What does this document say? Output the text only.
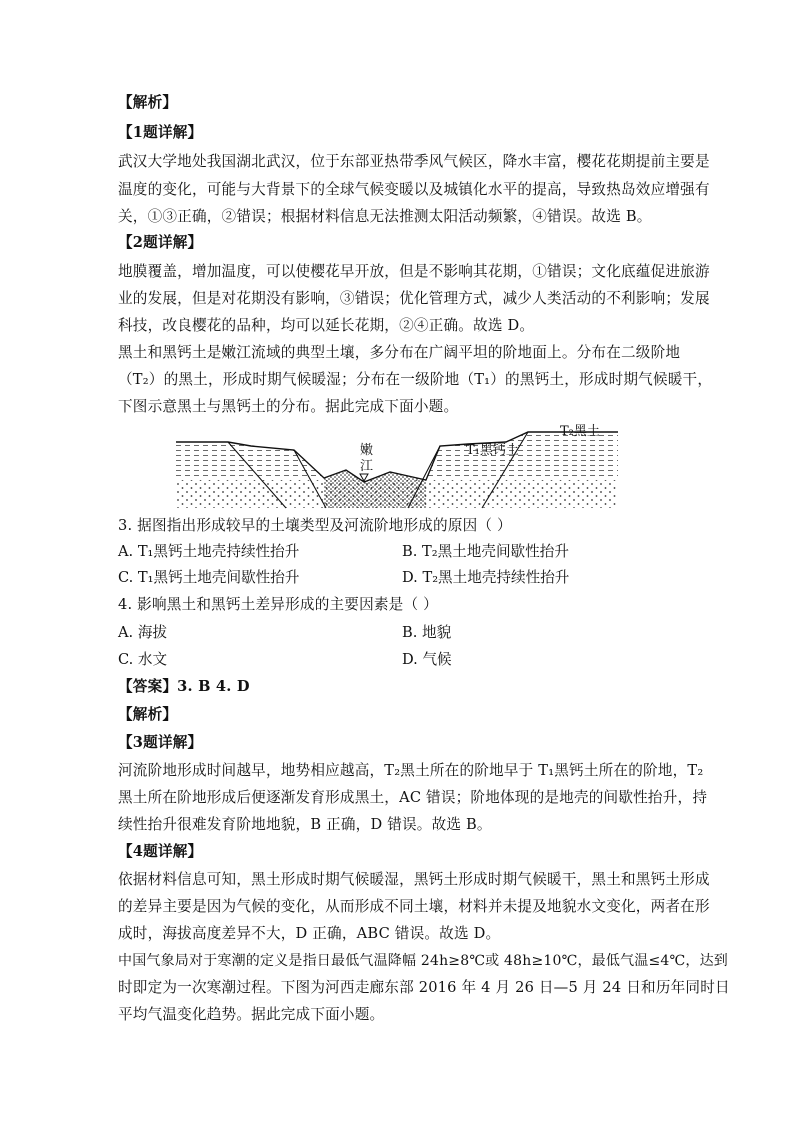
【解析】
【1题详解】
武汉大学地处我国湖北武汉，位于东部亚热带季风气候区，降水丰富，樱花花期提前主要是
温度的变化，可能与大背景下的全球气候变暖以及城镇化水平的提高，导致热岛效应增强有
关，①③正确，②错误；根据材料信息无法推测太阳活动频繁，④错误。故选 B。
【2题详解】
地膜覆盖，增加温度，可以使樱花早开放，但是不影响其花期，①错误；文化底蕴促进旅游
业的发展，但是对花期没有影响，③错误；优化管理方式，减少人类活动的不利影响；发展
科技，改良樱花的品种，均可以延长花期，②④正确。故选 D。
黑土和黑钙土是嫩江流域的典型土壤，多分布在广阔平坦的阶地面上。分布在二级阶地
（T₂）的黑土，形成时期气候暖湿；分布在一级阶地（T₁）的黑钙土，形成时期气候暖干，
下图示意黑土与黑钙土的分布。据此完成下面小题。
嫩
江
T₁黑钙土
T₂黑土
3. 据图指出形成较早的土壤类型及河流阶地形成的原因（ ）
A. T₁黑钙土地壳持续性抬升	B. T₂黑土地壳间歇性抬升
C. T₁黑钙土地壳间歇性抬升	D. T₂黑土地壳持续性抬升
4. 影响黑土和黑钙土差异形成的主要因素是（ ）
A. 海拔	B. 地貌
C. 水文	D. 气候
【答案】3. B 4. D
【解析】
【3题详解】
河流阶地形成时间越早，地势相应越高，T₂黑土所在的阶地早于 T₁黑钙土所在的阶地，T₂
黑土所在阶地形成后便逐渐发育形成黑土，AC 错误；阶地体现的是地壳的间歇性抬升，持
续性抬升很难发育阶地地貌，B 正确，D 错误。故选 B。
【4题详解】
依据材料信息可知，黑土形成时期气候暖湿，黑钙土形成时期气候暖干，黑土和黑钙土形成
的差异主要是因为气候的变化，从而形成不同土壤，材料并未提及地貌水文变化，两者在形
成时，海拔高度差异不大，D 正确，ABC 错误。故选 D。
中国气象局对于寒潮的定义是指日最低气温降幅 24h≥8℃或 48h≥10℃，最低气温≤4℃，达到
时即定为一次寒潮过程。下图为河西走廊东部 2016 年 4 月 26 日—5 月 24 日和历年同时日
平均气温变化趋势。据此完成下面小题。
